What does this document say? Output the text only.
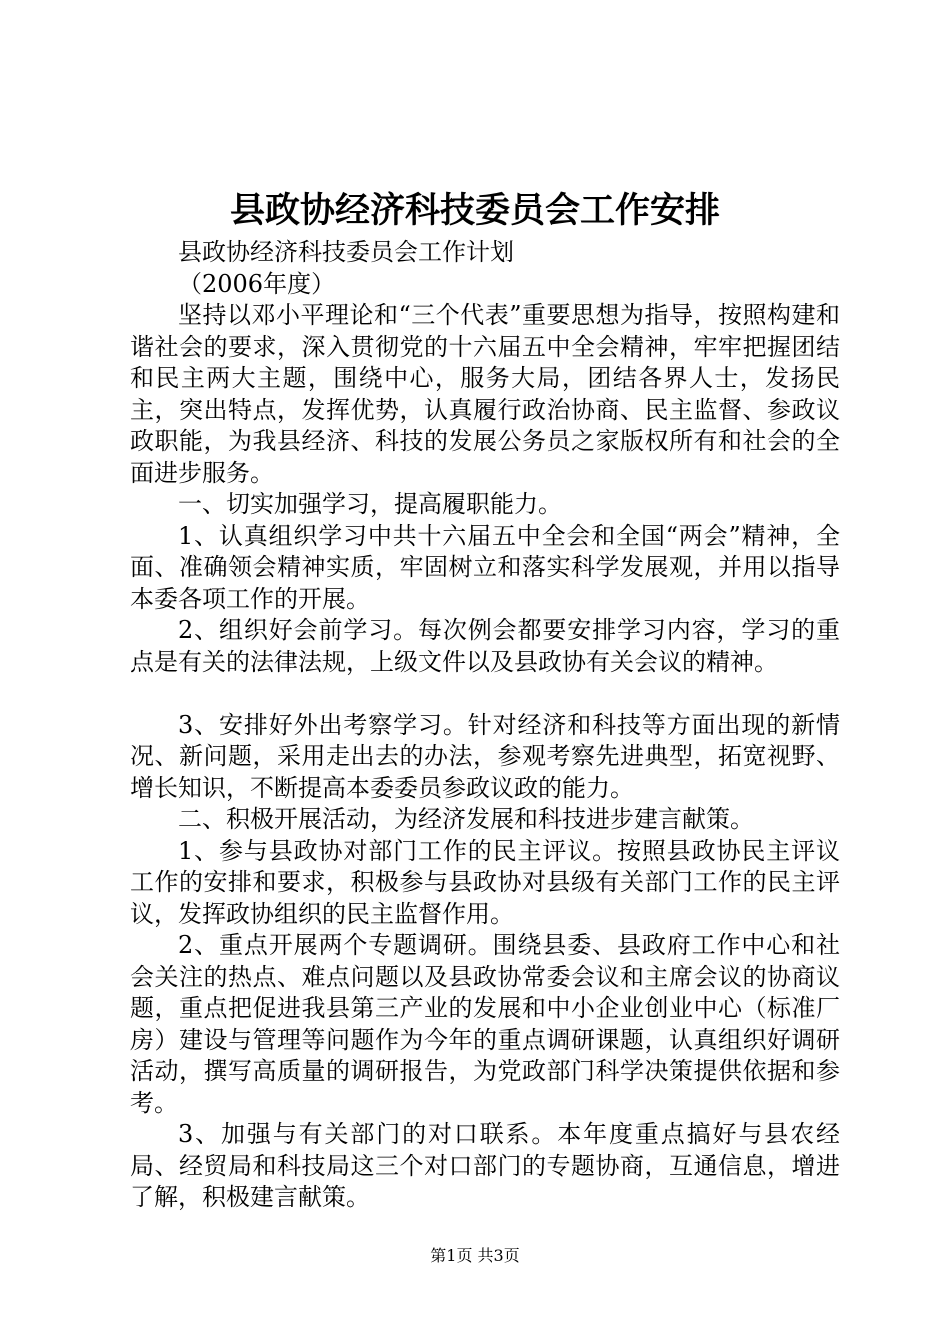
县政协经济科技委员会工作安排

县政协经济科技委员会工作计划

（2006年度）

坚持以邓小平理论和“三个代表”重要思想为指导，按照构建和谐社会的要求，深入贯彻党的十六届五中全会精神，牢牢把握团结和民主两大主题，围绕中心，服务大局，团结各界人士，发扬民主，突出特点，发挥优势，认真履行政治协商、民主监督、参政议政职能，为我县经济、科技的发展公务员之家版权所有和社会的全面进步服务。

一、切实加强学习，提高履职能力。

1、认真组织学习中共十六届五中全会和全国“两会”精神，全面、准确领会精神实质，牢固树立和落实科学发展观，并用以指导本委各项工作的开展。

2、组织好会前学习。每次例会都要安排学习内容，学习的重点是有关的法律法规，上级文件以及县政协有关会议的精神。

3、安排好外出考察学习。针对经济和科技等方面出现的新情况、新问题，采用走出去的办法，参观考察先进典型，拓宽视野、增长知识，不断提高本委委员参政议政的能力。

二、积极开展活动，为经济发展和科技进步建言献策。

1、参与县政协对部门工作的民主评议。按照县政协民主评议工作的安排和要求，积极参与县政协对县级有关部门工作的民主评议，发挥政协组织的民主监督作用。

2、重点开展两个专题调研。围绕县委、县政府工作中心和社会关注的热点、难点问题以及县政协常委会议和主席会议的协商议题，重点把促进我县第三产业的发展和中小企业创业中心（标准厂房）建设与管理等问题作为今年的重点调研课题，认真组织好调研活动，撰写高质量的调研报告，为党政部门科学决策提供依据和参考。

3、加强与有关部门的对口联系。本年度重点搞好与县农经局、经贸局和科技局这三个对口部门的专题协商，互通信息，增进了解，积极建言献策。

第1页 共3页
